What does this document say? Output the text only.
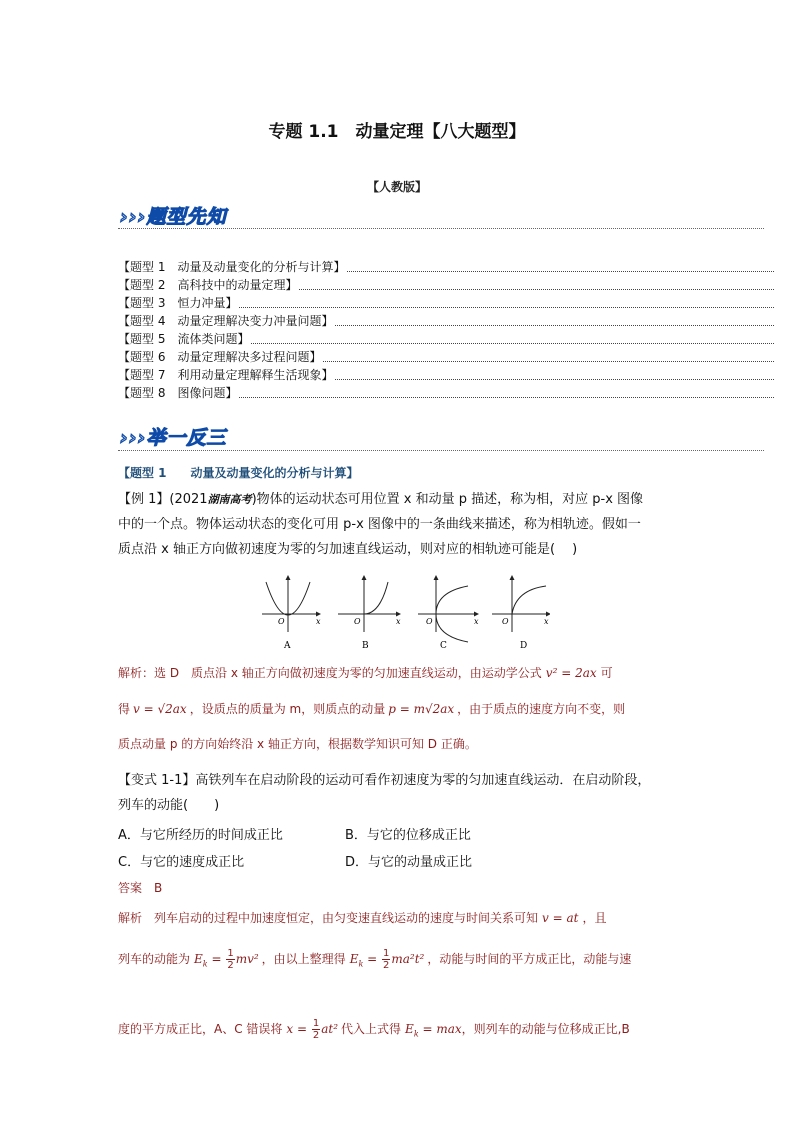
专题 1.1　动量定理【八大题型】
【人教版】
›››题型先知
【题型 1　动量及动量变化的分析与计算】
【题型 2　高科技中的动量定理】
【题型 3　恒力冲量】
【题型 4　动量定理解决变力冲量问题】
【题型 5　流体类问题】
【题型 6　动量定理解决多过程问题】
【题型 7　利用动量定理解释生活现象】
【题型 8　图像问题】
›››举一反三
【题型 1　　动量及动量变化的分析与计算】
【例 1】(2021湖南高考)物体的运动状态可用位置 x 和动量 p 描述，称为相，对应 p-x 图像
中的一个点。物体运动状态的变化可用 p-x 图像中的一条曲线来描述，称为相轨迹。假如一
质点沿 x 轴正方向做初速度为零的匀加速直线运动，则对应的相轨迹可能是(　 )
O	x
A
O	x
B
O	x
C
O	x
D
解析：选 D　质点沿 x 轴正方向做初速度为零的匀加速直线运动，由运动学公式 v² = 2ax 可
得 v = √2ax ，设质点的质量为 m，则质点的动量 p = m√2ax ，由于质点的速度方向不变，则
质点动量 p 的方向始终沿 x 轴正方向，根据数学知识可知 D 正确。
【变式 1-1】高铁列车在启动阶段的运动可看作初速度为零的匀加速直线运动．在启动阶段，
列车的动能(　　)
A．与它所经历的时间成正比	B．与它的位移成正比
C．与它的速度成正比	D．与它的动量成正比
答案　B
解析　列车启动的过程中加速度恒定，由匀变速直线运动的速度与时间关系可知 v = at ，且
列车的动能为 $E_k = \frac{1}{2} mv^2$ ，由以上整理得 $E_k = \frac{1}{2} ma^2t^2$ ，动能与时间的平方成正比，动能与速
度的平方成正比，A、C 错误将 $x = \frac{1}{2} at^2$ 代入上式得 $E_k = \max$，则列车的动能与位移成正比,B
